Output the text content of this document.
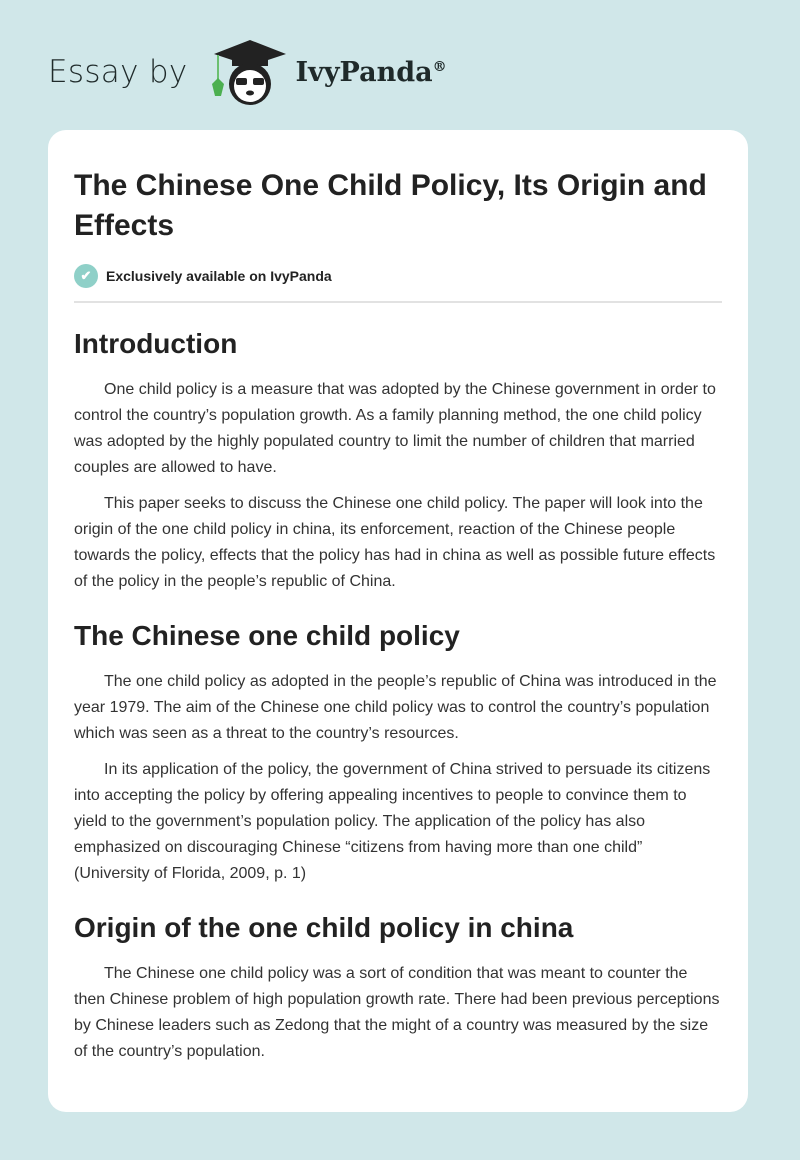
Essay by	IvyPanda®
The Chinese One Child Policy, Its Origin and Effects
✔	Exclusively available on IvyPanda
Introduction

One child policy is a measure that was adopted by the Chinese government in order to control the country’s population growth. As a family planning method, the one child policy was adopted by the highly populated country to limit the number of children that married couples are allowed to have.

This paper seeks to discuss the Chinese one child policy. The paper will look into the origin of the one child policy in china, its enforcement, reaction of the Chinese people towards the policy, effects that the policy has had in china as well as possible future effects of the policy in the people’s republic of China.

The Chinese one child policy

The one child policy as adopted in the people’s republic of China was introduced in the year 1979. The aim of the Chinese one child policy was to control the country’s population which was seen as a threat to the country’s resources.

In its application of the policy, the government of China strived to persuade its citizens into accepting the policy by offering appealing incentives to people to convince them to yield to the government’s population policy. The application of the policy has also emphasized on discouraging Chinese “citizens from having more than one child” (University of Florida, 2009, p. 1)

Origin of the one child policy in china

The Chinese one child policy was a sort of condition that was meant to counter the then Chinese problem of high population growth rate. There had been previous perceptions by Chinese leaders such as Zedong that the might of a country was measured by the size of the country’s population.
